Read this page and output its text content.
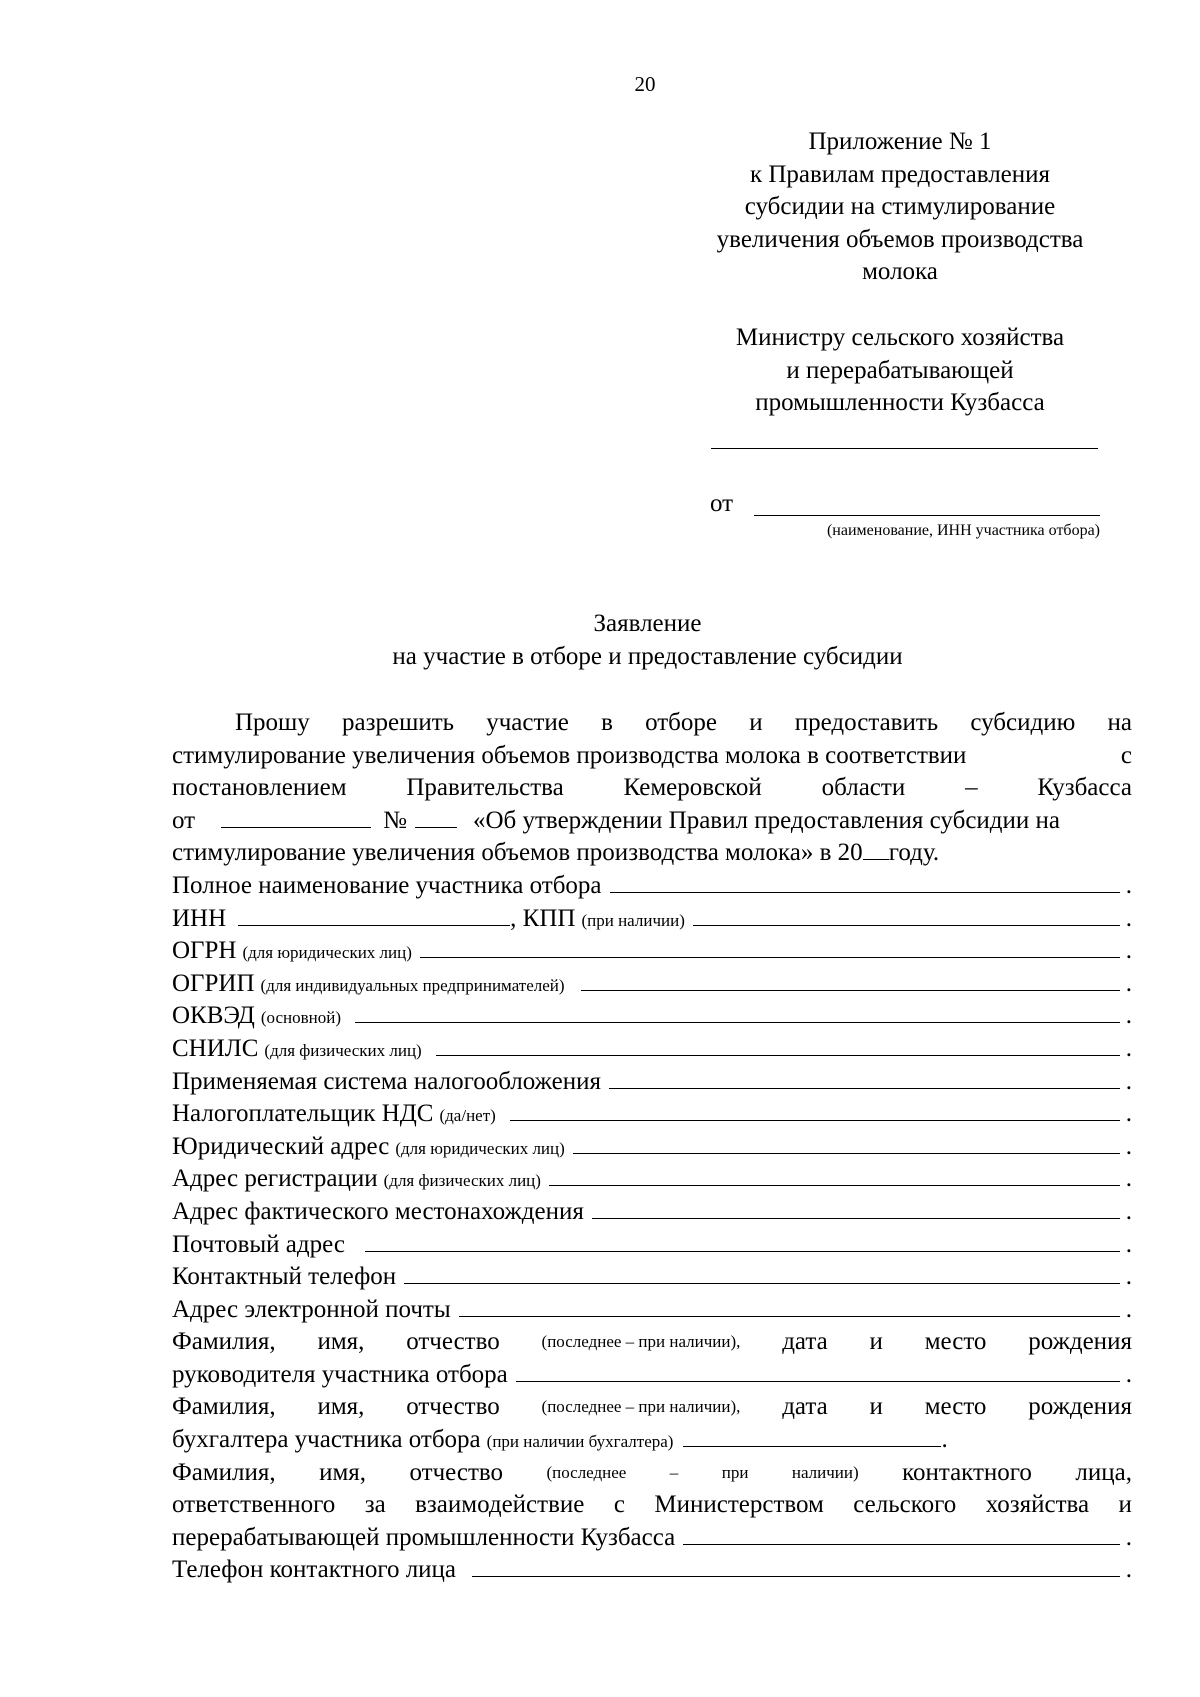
20
Приложение № 1
к Правилам предоставления
субсидии на стимулирование
увеличения объемов производства
молока
Министру сельского хозяйства
и перерабатывающей
промышленности Кузбасса
от
(наименование, ИНН участника отбора)
Заявление
на участие в отборе и предоставление субсидии
Прошу разрешить участие в отборе и предоставить субсидию на
стимулирование увеличения объемов производства молока в соответствии	с
постановлением Правительства Кемеровской области – Кузбасса
от	№	«Об утверждении Правил предоставления субсидии на
стимулирование увеличения объемов производства молока» в 20 году.
Полное наименование участника отбора	.
ИНН	, КПП (при наличии)	.
ОГРН (для юридических лиц)	.
ОГРИП (для индивидуальных предпринимателей)	.
ОКВЭД (основной)	.
СНИЛС (для физических лиц)	.
Применяемая система налогообложения	.
Налогоплательщик НДС (да/нет)	.
Юридический адрес (для юридических лиц)	.
Адрес регистрации (для физических лиц)	.
Адрес фактического местонахождения	.
Почтовый адрес	.
Контактный телефон	.
Адрес электронной почты	.
Фамилия, имя, отчество (последнее – при наличии), дата и место рождения
руководителя участника отбора	.
Фамилия, имя, отчество (последнее – при наличии), дата и место рождения
бухгалтера участника отбора (при наличии бухгалтера)	.
Фамилия, имя, отчество	(последнее	–	при	наличии) контактного лица,
ответственного за взаимодействие с Министерством сельского хозяйства и
перерабатывающей промышленности Кузбасса	.
Телефон контактного лица	.
